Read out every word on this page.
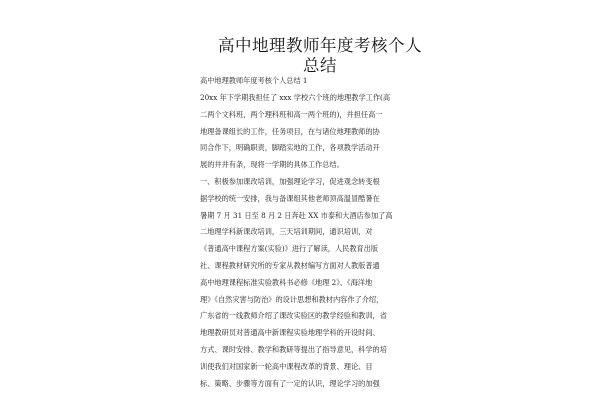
高中地理教师年度考核个人
总结
高中地理教师年度考核个人总结 1
20xx 年下学期我担任了 xxx 学校六个班的地理教学工作(高
二两个文科班，两个理科班和高一两个班的)，并担任高一
地理备课组长的工作，任务项目，在与诸位地理教师的协
同合作下，明确职责，脚踏实地的工作，各项教学活动开
展的井井有条，现将一学期的具体工作总结。
一、积极参加课改培训，加强理论学习，促进观念转变根
据学校的统一安排，我与备课组其他老师顶高温冒酷暑在
暑期 7 月 31 日至 8 月 2 日奔赴 XX 市泰和大酒店参加了高
二地理学科新课改培训，三天培训期间，通识培训，对
《普通高中课程方案(实验)》进行了解读，人民教育出版
社、课程教材研究所的专家从教材编写方面对人教版普通
高中地理课程标准实验教科书必修《地理 2》、《海洋地
理》《自然灾害与防治》的设计思想和教材内容作了介绍，
广东省的一线教师介绍了课改实验区的教学经验和教训，省
地理教研员对普通高中新课程实验地理学科的开设时间、
方式、课时安排、教学和教研等提出了指导意见，科学的培
训使我们对国家新一轮高中课程改革的背景、理论、目
标、策略、步骤等方面有了一定的认识，理论学习的加强
